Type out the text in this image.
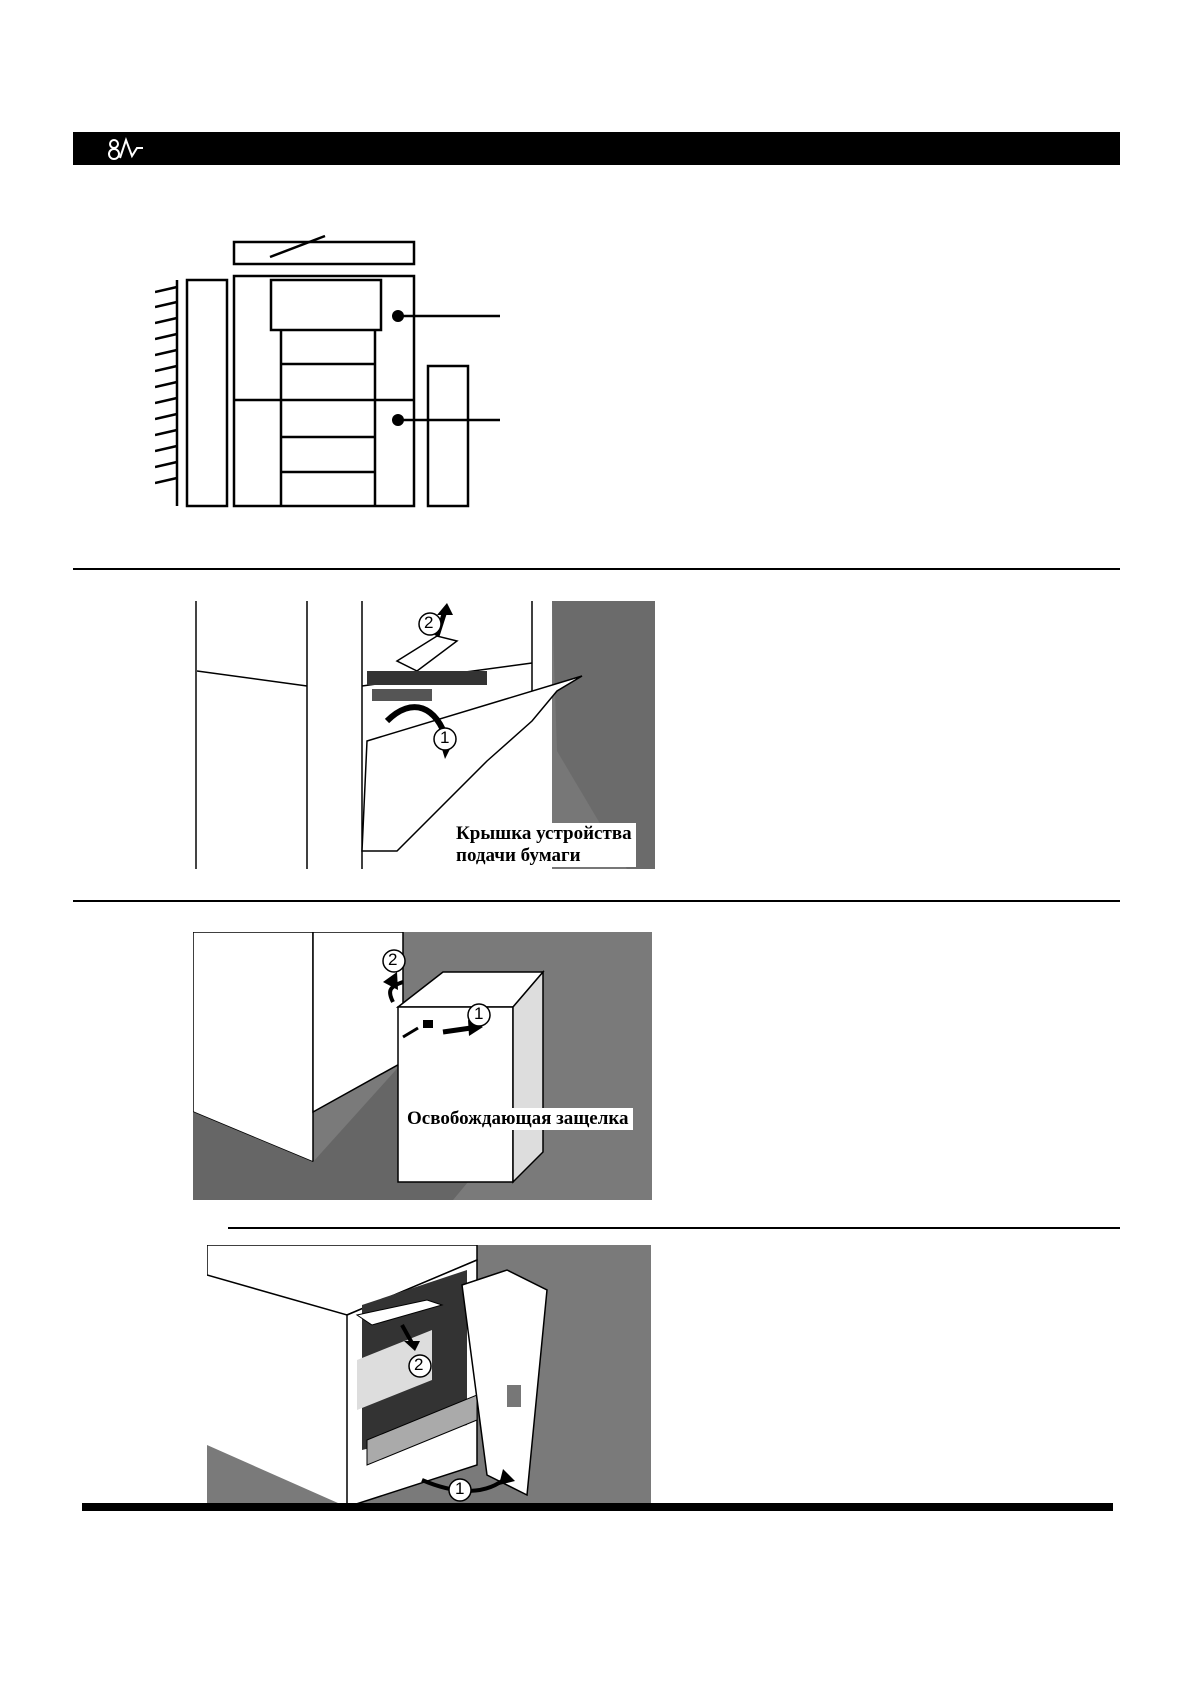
2
1
Крышка устройства
подачи бумаги
2
1
Освобождающая защелка
2
1
